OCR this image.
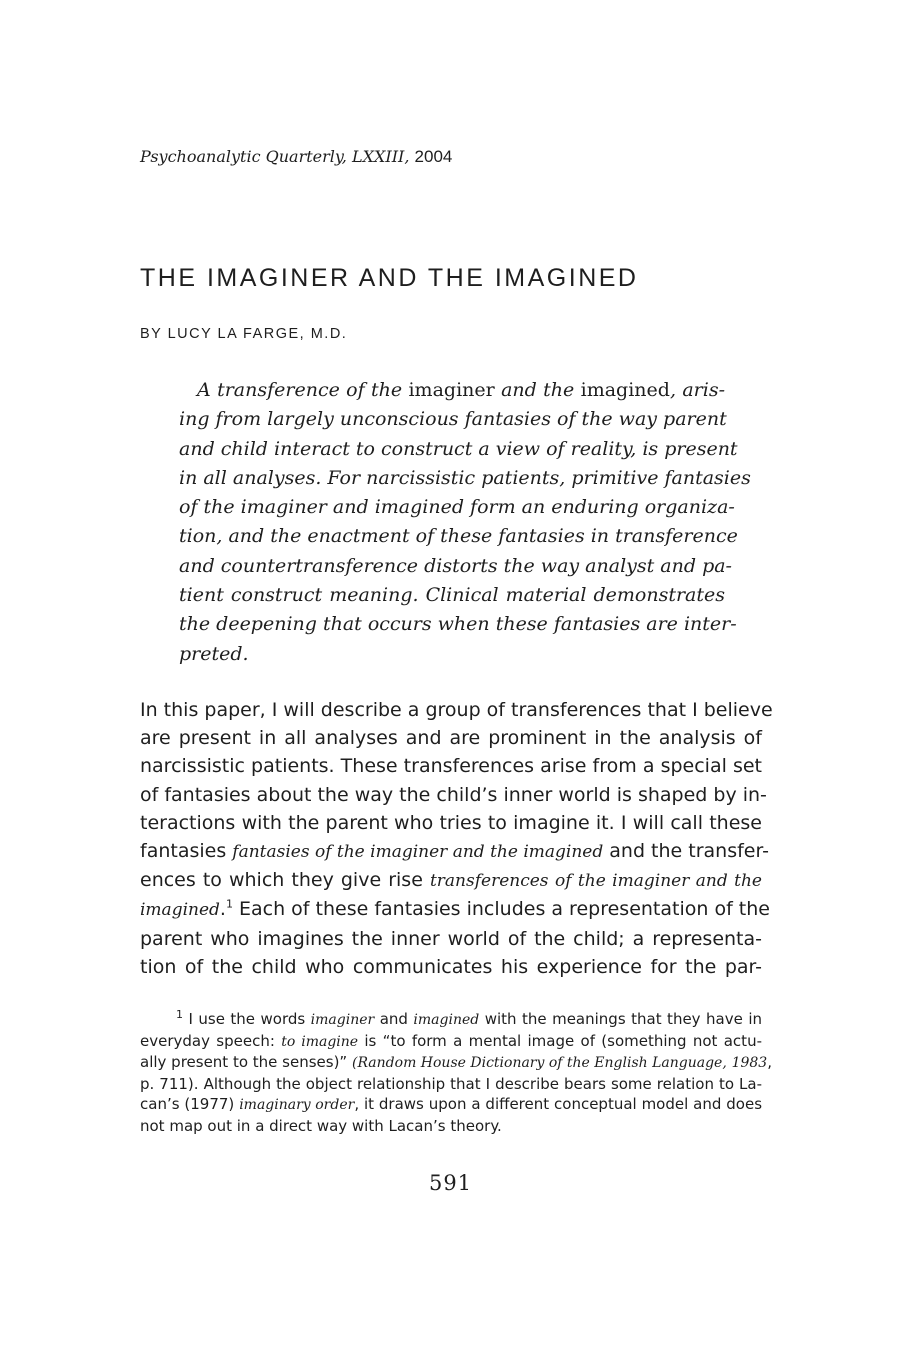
Psychoanalytic Quarterly, LXXIII, 2004
THE IMAGINER AND THE IMAGINED
BY LUCY LA FARGE, M.D.
A transference of the imaginer and the imagined, aris-
ing from largely unconscious fantasies of the way parent
and child interact to construct a view of reality, is present
in all analyses. For narcissistic patients, primitive fantasies
of the imaginer and imagined form an enduring organiza-
tion, and the enactment of these fantasies in transference
and countertransference distorts the way analyst and pa-
tient construct meaning. Clinical material demonstrates
the deepening that occurs when these fantasies are inter-
preted.
In this paper, I will describe a group of transferences that I believe
are present in all analyses and are prominent in the analysis of
narcissistic patients. These transferences arise from a special set
of fantasies about the way the child’s inner world is shaped by in-
teractions with the parent who tries to imagine it. I will call these
fantasies fantasies of the imaginer and the imagined and the transfer-
ences to which they give rise transferences of the imaginer and the
imagined.$^1$ Each of these fantasies includes a representation of the
parent who imagines the inner world of the child; a representa-
tion of the child who communicates his experience for the par-
$^1$ I use the words imaginer and imagined with the meanings that they have in
everyday speech: to imagine is “to form a mental image of (something not actu-
ally present to the senses)” (Random House Dictionary of the English Language, 1983,
p. 711). Although the object relationship that I describe bears some relation to La-
can’s (1977) imaginary order, it draws upon a different conceptual model and does
not map out in a direct way with Lacan’s theory.
591
